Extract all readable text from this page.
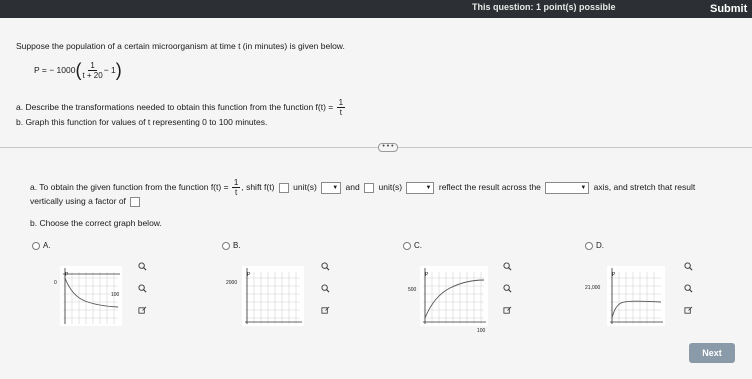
This question: 1 point(s) possible	Submit
Suppose the population of a certain microorganism at time t (in minutes) is given below.
P = − $1000( \frac{1}{t + 20} - 1)$
a. Describe the transformations needed to obtain this function from the function $f(t) = \frac{1}{t}$
b. Graph this function for values of t representing 0 to 100 minutes.
• • •
a. To obtain the given function from the function $f(t) = \frac{1}{t}$ , shift f(t) unit(s)	▼ and unit(s)	▼ reflect the result across the	▼ axis, and stretch that result
vertically using a factor of
b. Choose the correct graph below.
A.
P
0
100
B.
P
2000
C.
P
500
100
D.
P
21,000
Next
